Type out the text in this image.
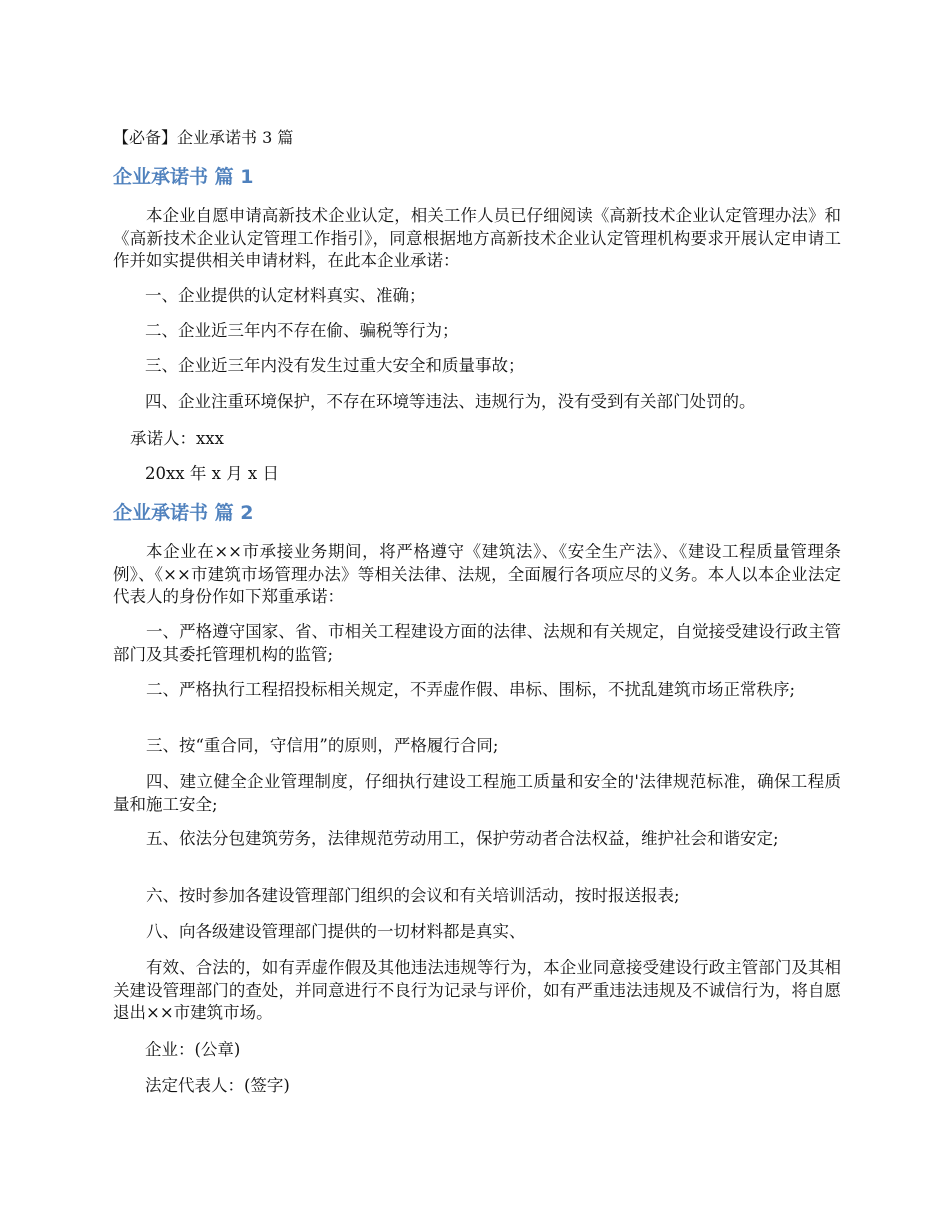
【必备】企业承诺书 3 篇

企业承诺书 篇 1

本企业自愿申请高新技术企业认定，相关工作人员已仔细阅读《高新技术企业认定管理办法》和《高新技术企业认定管理工作指引》，同意根据地方高新技术企业认定管理机构要求开展认定申请工作并如实提供相关申请材料，在此本企业承诺：

一、企业提供的认定材料真实、准确；

二、企业近三年内不存在偷、骗税等行为；

三、企业近三年内没有发生过重大安全和质量事故；

四、企业注重环境保护，不存在环境等违法、违规行为，没有受到有关部门处罚的。

承诺人：xxx

20xx 年 x 月 x 日

企业承诺书 篇 2

本企业在××市承接业务期间，将严格遵守《建筑法》、《安全生产法》、《建设工程质量管理条例》、《××市建筑市场管理办法》等相关法律、法规，全面履行各项应尽的义务。本人以本企业法定代表人的身份作如下郑重承诺：

一、严格遵守国家、省、市相关工程建设方面的法律、法规和有关规定，自觉接受建设行政主管部门及其委托管理机构的监管;

二、严格执行工程招投标相关规定，不弄虚作假、串标、围标，不扰乱建筑市场正常秩序;

三、按“重合同，守信用”的原则，严格履行合同;

四、建立健全企业管理制度，仔细执行建设工程施工质量和安全的'法律规范标准，确保工程质量和施工安全;

五、依法分包建筑劳务，法律规范劳动用工，保护劳动者合法权益，维护社会和谐安定;

六、按时参加各建设管理部门组织的会议和有关培训活动，按时报送报表;

八、向各级建设管理部门提供的一切材料都是真实、

有效、合法的，如有弄虚作假及其他违法违规等行为，本企业同意接受建设行政主管部门及其相关建设管理部门的查处，并同意进行不良行为记录与评价，如有严重违法违规及不诚信行为，将自愿退出××市建筑市场。

企业：(公章)

法定代表人：(签字)
